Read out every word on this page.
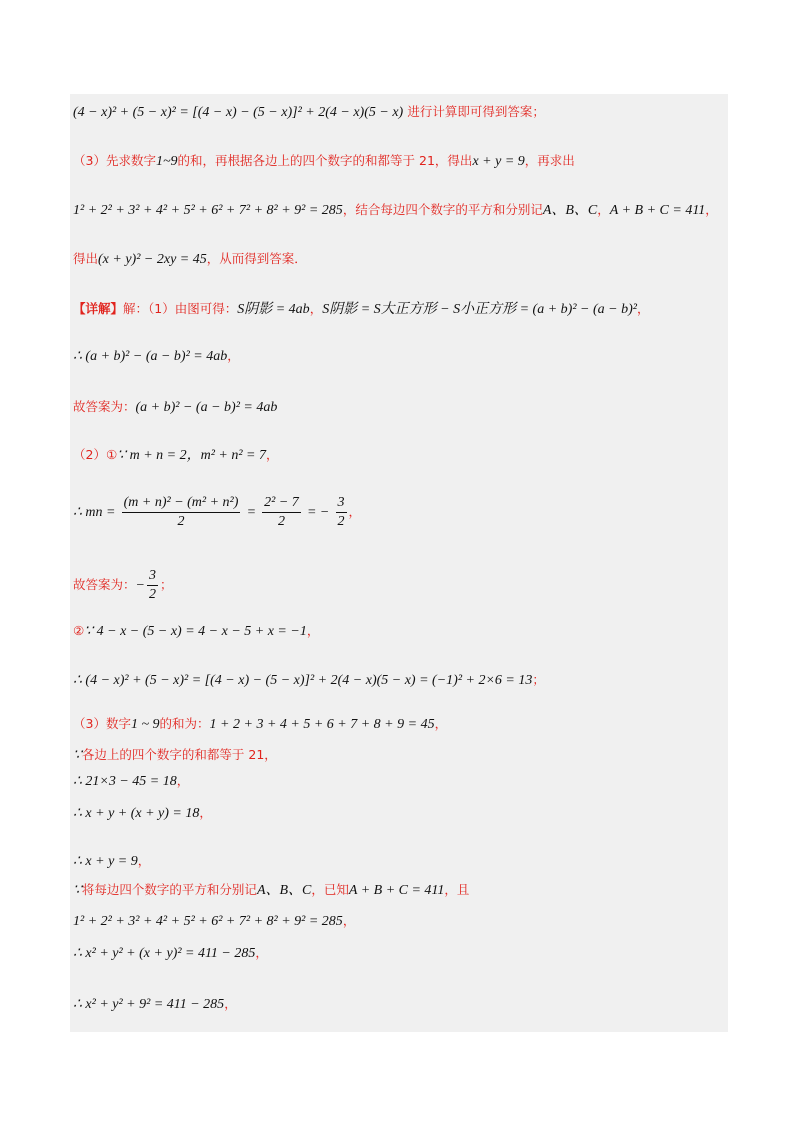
(4 − x)² + (5 − x)² = [(4 − x) − (5 − x)]² + 2(4 − x)(5 − x) 进行计算即可得到答案；
（3）先求数字1~9的和，再根据各边上的四个数字的和都等于 21，得出x + y = 9，再求出
1² + 2² + 3² + 4² + 5² + 6² + 7² + 8² + 9² = 285，结合每边四个数字的平方和分别记A、B、C，A + B + C = 411，
得出(x + y)² − 2xy = 45，从而得到答案．
【详解】解：（1）由图可得：S阴影 = 4ab，S阴影 = S大正方形 − S小正方形 = (a + b)² − (a − b)²，
∴ (a + b)² − (a − b)² = 4ab，
故答案为：(a + b)² − (a − b)² = 4ab
（2）①∵ m + n = 2，m² + n² = 7，
∴ mn = $\frac{\text{(m + n)² − (m² + n²)}}{2} = \frac{\text{2² − 7}}{2}$ = − $\frac{3}{2}$ ，
故答案为：− $\frac{3}{2}$ ；
②∵ 4 − x − (5 − x) = 4 − x − 5 + x = −1，
∴ (4 − x)² + (5 − x)² = [(4 − x) − (5 − x)]² + 2(4 − x)(5 − x) = (−1)² + 2×6 = 13；
（3）数字1 ~ 9的和为：1 + 2 + 3 + 4 + 5 + 6 + 7 + 8 + 9 = 45，
∵各边上的四个数字的和都等于 21，
∴ 21×3 − 45 = 18，
∴ x + y + (x + y) = 18，
∴ x + y = 9，
∵将每边四个数字的平方和分别记A、B、C，已知A + B + C = 411，且
1² + 2² + 3² + 4² + 5² + 6² + 7² + 8² + 9² = 285，
∴ x² + y² + (x + y)² = 411 − 285，
∴ x² + y² + 9² = 411 − 285，
